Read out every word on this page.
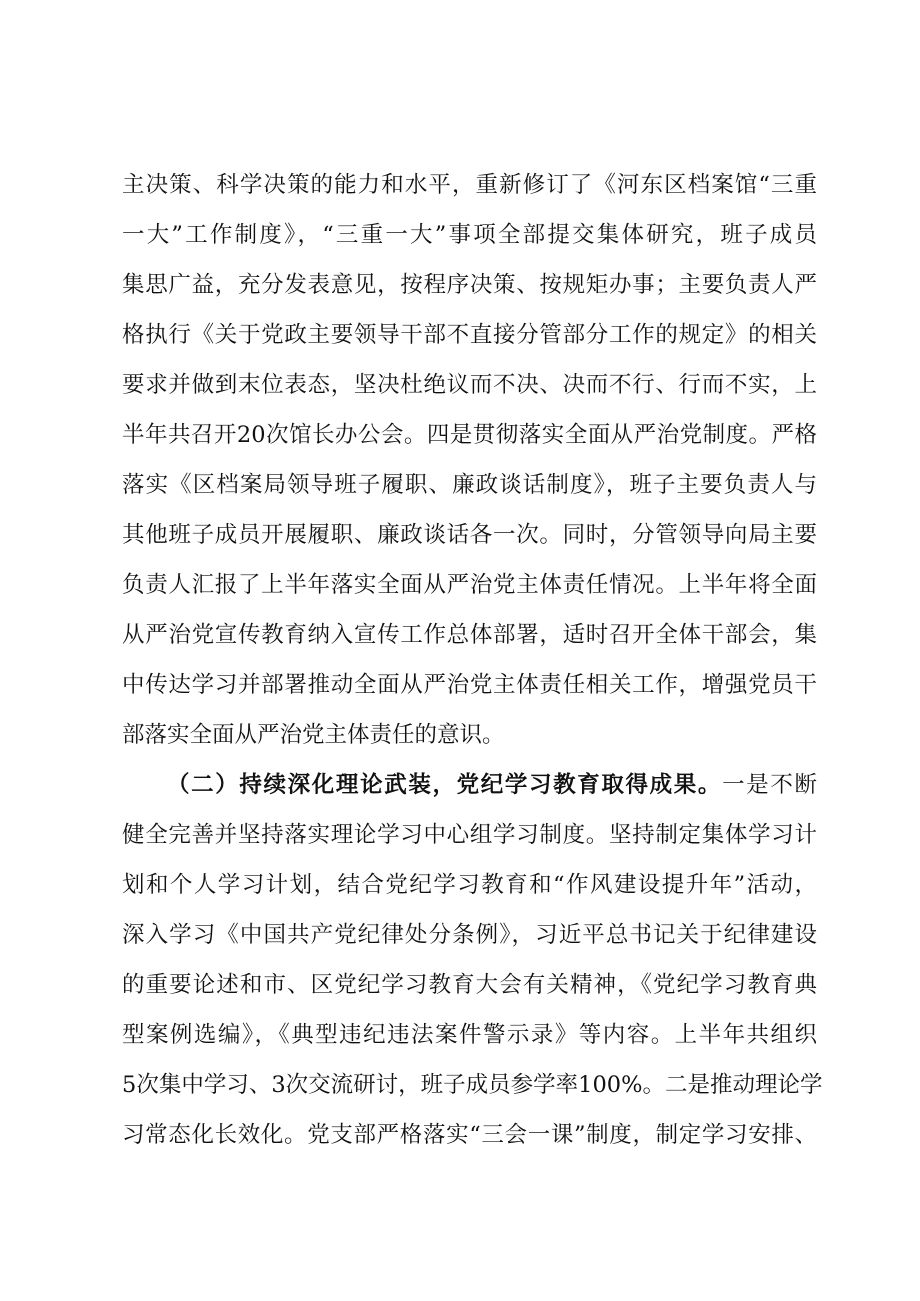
主决策、科学决策的能力和水平，重新修订了《河东区档案馆“三重
一大”工作制度》，“三重一大”事项全部提交集体研究，班子成员
集思广益，充分发表意见，按程序决策、按规矩办事；主要负责人严
格执行《关于党政主要领导干部不直接分管部分工作的规定》的相关
要求并做到末位表态，坚决杜绝议而不决、决而不行、行而不实，上
半年共召开20次馆长办公会。四是贯彻落实全面从严治党制度。严格
落实《区档案局领导班子履职、廉政谈话制度》，班子主要负责人与
其他班子成员开展履职、廉政谈话各一次。同时，分管领导向局主要
负责人汇报了上半年落实全面从严治党主体责任情况。上半年将全面
从严治党宣传教育纳入宣传工作总体部署，适时召开全体干部会，集
中传达学习并部署推动全面从严治党主体责任相关工作，增强党员干
部落实全面从严治党主体责任的意识。
（二）持续深化理论武装，党纪学习教育取得成果。一是不断
健全完善并坚持落实理论学习中心组学习制度。坚持制定集体学习计
划和个人学习计划，结合党纪学习教育和“作风建设提升年”活动，
深入学习《中国共产党纪律处分条例》，习近平总书记关于纪律建设
的重要论述和市、区党纪学习教育大会有关精神，《党纪学习教育典
型案例选编》，《典型违纪违法案件警示录》等内容。上半年共组织
5次集中学习、3次交流研讨，班子成员参学率100%。二是推动理论学
习常态化长效化。党支部严格落实“三会一课”制度，制定学习安排、
